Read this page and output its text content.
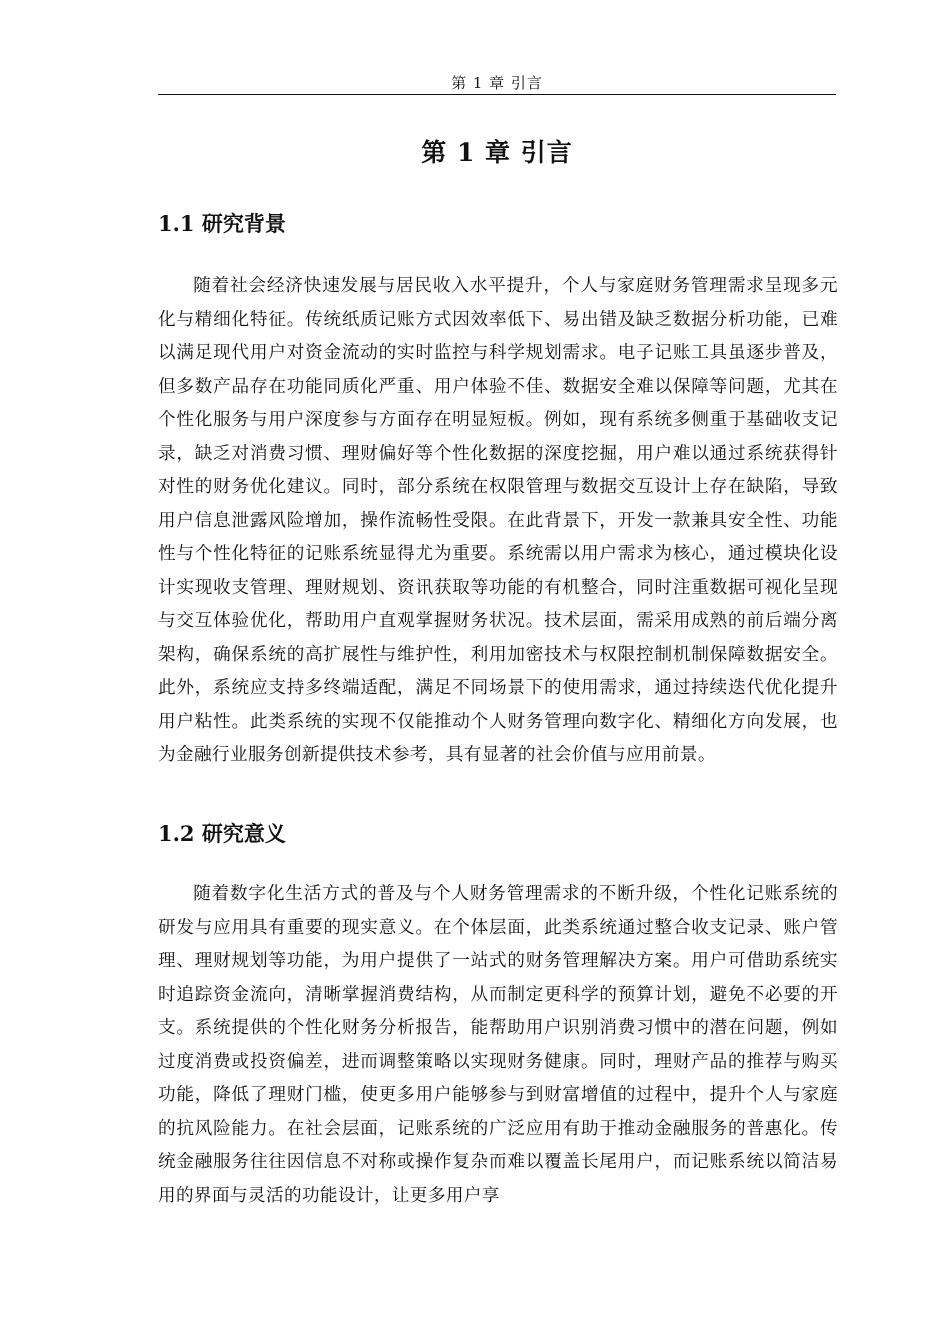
第 1 章 引言
第 1 章 引言
1.1 研究背景

随着社会经济快速发展与居民收入水平提升，个人与家庭财务管理需求呈现多元化与精细化特征。传统纸质记账方式因效率低下、易出错及缺乏数据分析功能，已难以满足现代用户对资金流动的实时监控与科学规划需求。电子记账工具虽逐步普及，但多数产品存在功能同质化严重、用户体验不佳、数据安全难以保障等问题，尤其在个性化服务与用户深度参与方面存在明显短板。例如，现有系统多侧重于基础收支记录，缺乏对消费习惯、理财偏好等个性化数据的深度挖掘，用户难以通过系统获得针对性的财务优化建议。同时，部分系统在权限管理与数据交互设计上存在缺陷，导致用户信息泄露风险增加，操作流畅性受限。在此背景下，开发一款兼具安全性、功能性与个性化特征的记账系统显得尤为重要。系统需以用户需求为核心，通过模块化设计实现收支管理、理财规划、资讯获取等功能的有机整合，同时注重数据可视化呈现与交互体验优化，帮助用户直观掌握财务状况。技术层面，需采用成熟的前后端分离架构，确保系统的高扩展性与维护性，利用加密技术与权限控制机制保障数据安全。此外，系统应支持多终端适配，满足不同场景下的使用需求，通过持续迭代优化提升用户粘性。此类系统的实现不仅能推动个人财务管理向数字化、精细化方向发展，也为金融行业服务创新提供技术参考，具有显著的社会价值与应用前景。

1.2 研究意义

随着数字化生活方式的普及与个人财务管理需求的不断升级，个性化记账系统的研发与应用具有重要的现实意义。在个体层面，此类系统通过整合收支记录、账户管理、理财规划等功能，为用户提供了一站式的财务管理解决方案。用户可借助系统实时追踪资金流向，清晰掌握消费结构，从而制定更科学的预算计划，避免不必要的开支。系统提供的个性化财务分析报告，能帮助用户识别消费习惯中的潜在问题，例如过度消费或投资偏差，进而调整策略以实现财务健康。同时，理财产品的推荐与购买功能，降低了理财门槛，使更多用户能够参与到财富增值的过程中，提升个人与家庭的抗风险能力。在社会层面，记账系统的广泛应用有助于推动金融服务的普惠化。传统金融服务往往因信息不对称或操作复杂而难以覆盖长尾用户，而记账系统以简洁易用的界面与灵活的功能设计，让更多用户享
